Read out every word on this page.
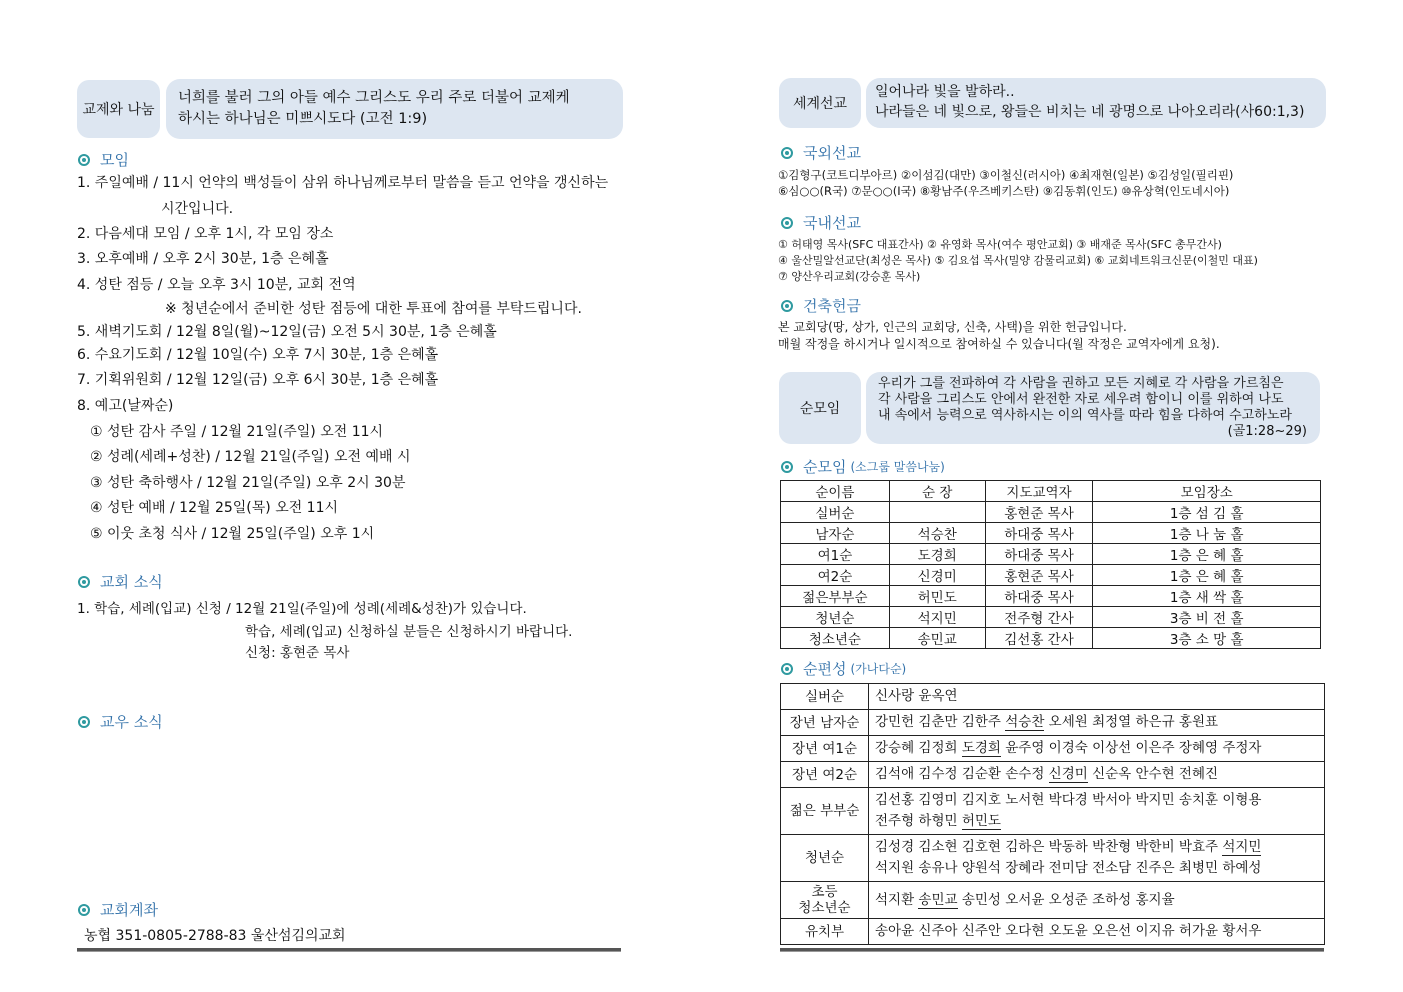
교제와 나눔
너희를 불러 그의 아들 예수 그리스도 우리 주로 더불어 교제케
하시는 하나님은 미쁘시도다 (고전 1:9)
모임
1. 주일예배 / 11시 언약의 백성들이 삼위 하나님께로부터 말씀을 듣고 언약을 갱신하는
시간입니다.
2. 다음세대 모임 / 오후 1시, 각 모임 장소
3. 오후예배 / 오후 2시 30분, 1층 은혜홀
4. 성탄 점등 / 오늘 오후 3시 10분, 교회 전역
※ 청년순에서 준비한 성탄 점등에 대한 투표에 참여를 부탁드립니다.
5. 새벽기도회 / 12월 8일(월)~12일(금) 오전 5시 30분, 1층 은혜홀
6. 수요기도회 / 12월 10일(수) 오후 7시 30분, 1층 은혜홀
7. 기획위원회 / 12월 12일(금) 오후 6시 30분, 1층 은혜홀
8. 예고(날짜순)
① 성탄 감사 주일 / 12월 21일(주일) 오전 11시
② 성례(세례+성찬) / 12월 21일(주일) 오전 예배 시
③ 성탄 축하행사 / 12월 21일(주일) 오후 2시 30분
④ 성탄 예배 / 12월 25일(목) 오전 11시
⑤ 이웃 초청 식사 / 12월 25일(주일) 오후 1시
교회 소식
1. 학습, 세례(입교) 신청 / 12월 21일(주일)에 성례(세례&성찬)가 있습니다.
학습, 세례(입교) 신청하실 분들은 신청하시기 바랍니다.
신청: 홍현준 목사
교우 소식
교회계좌
농협 351-0805-2788-83 울산섬김의교회
세계선교
일어나라 빛을 발하라..
나라들은 네 빛으로, 왕들은 비치는 네 광명으로 나아오리라(사60:1,3)
국외선교
①김형구(코트디부아르) ②이섬김(대만) ③이철신(러시아) ④최재현(일본) ⑤김성일(필리핀)
⑥심○○(R국) ⑦문○○(I국) ⑧황남주(우즈베키스탄) ⑨김동휘(인도) ⑩유상혁(인도네시아)
국내선교
① 허태영 목사(SFC 대표간사) ② 유영화 목사(여수 평안교회) ③ 배재준 목사(SFC 총무간사)
④ 울산밀알선교단(최성은 목사) ⑤ 김요섭 목사(밀양 감물리교회) ⑥ 교회네트워크신문(이철민 대표)
⑦ 양산우리교회(강승훈 목사)
건축헌금
본 교회당(땅, 상가, 인근의 교회당, 신축, 사택)을 위한 헌금입니다.
매월 작정을 하시거나 일시적으로 참여하실 수 있습니다(월 작정은 교역자에게 요청).
순모임
우리가 그를 전파하여 각 사람을 권하고 모든 지혜로 각 사람을 가르침은
각 사람을 그리스도 안에서 완전한 자로 세우려 함이니 이를 위하여 나도
내 속에서 능력으로 역사하시는 이의 역사를 따라 힘을 다하여 수고하노라
(골1:28~29)
순모임 (소그룹 말씀나눔)
순이름	순 장	지도교역자	모임장소
실버순		홍현준 목사	1층 섬 김 홀
남자순	석승찬	하대중 목사	1층 나 눔 홀
여1순	도경희	하대중 목사	1층 은 혜 홀
여2순	신경미	홍현준 목사	1층 은 혜 홀
젊은부부순	허민도	하대중 목사	1층 새 싹 홀
청년순	석지민	전주형 간사	3층 비 전 홀
청소년순	송민교	김선홍 간사	3층 소 망 홀
순편성 (가나다순)
실버순	신사랑 윤옥연

장년 남자순	강민헌 김춘만 김한주 석승찬 오세원 최정열 하은규 홍원표

장년 여1순	강승혜 김정희 도경희 윤주영 이경숙 이상선 이은주 장혜영 주정자

장년 여2순	김석애 김수정 김순환 손수정 신경미 신순옥 안수현 전혜진

젊은 부부순	김선홍 김영미 김지호 노서현 박다경 박서아 박지민 송치훈 이형용
전주형 하형민 허민도

청년순	김성경 김소현 김호현 김하은 박동하 박찬형 박한비 박효주 석지민
석지원 송유나 양원석 장혜라 전미담 전소담 진주은 최병민 하예성

초등
청소년순	석지환 송민교 송민성 오서윤 오성준 조하성 홍지율

유치부	송아윤 신주아 신주안 오다현 오도윤 오은선 이지유 허가윤 황서우
